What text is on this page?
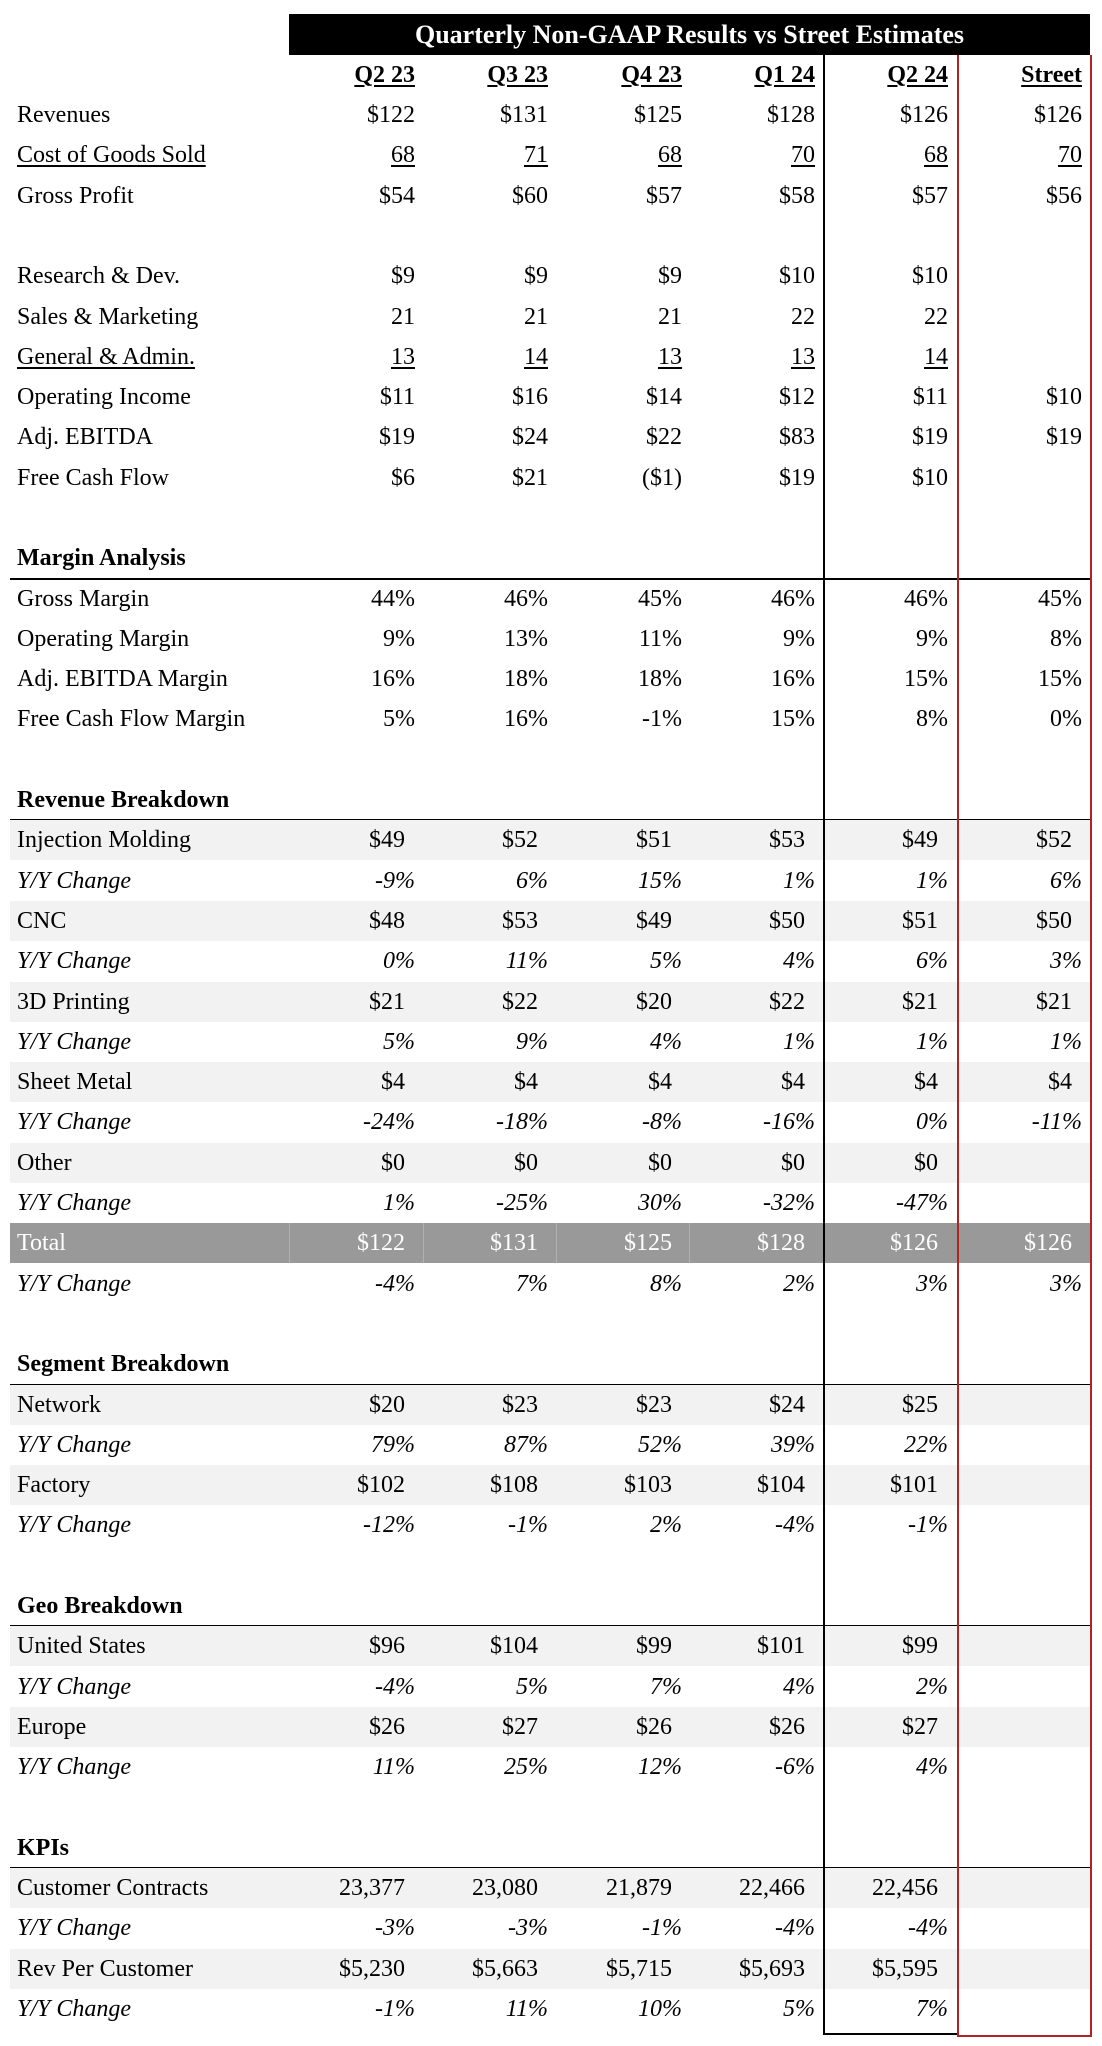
Quarterly Non-GAAP Results vs Street Estimates
Q2 23	Q3 23	Q4 23	Q1 24	Q2 24	Street
Revenues	$122	$131	$125	$128	$126	$126
Cost of Goods Sold	68	71	68	70	68	70
Gross Profit	$54	$60	$57	$58	$57	$56
Research & Dev.	$9	$9	$9	$10	$10
Sales & Marketing	21	21	21	22	22
General & Admin.	13	14	13	13	14
Operating Income	$11	$16	$14	$12	$11	$10
Adj. EBITDA	$19	$24	$22	$83	$19	$19
Free Cash Flow	$6	$21	($1)	$19	$10
Margin Analysis
Gross Margin	44%	46%	45%	46%	46%	45%
Operating Margin	9%	13%	11%	9%	9%	8%
Adj. EBITDA Margin	16%	18%	18%	16%	15%	15%
Free Cash Flow Margin	5%	16%	-1%	15%	8%	0%
Revenue Breakdown
Injection Molding	$49	$52	$51	$53	$49	$52
Y/Y Change	-9%	6%	15%	1%	1%	6%
CNC	$48	$53	$49	$50	$51	$50
Y/Y Change	0%	11%	5%	4%	6%	3%
3D Printing	$21	$22	$20	$22	$21	$21
Y/Y Change	5%	9%	4%	1%	1%	1%
Sheet Metal	$4	$4	$4	$4	$4	$4
Y/Y Change	-24%	-18%	-8%	-16%	0%	-11%
Other	$0	$0	$0	$0	$0
Y/Y Change	1%	-25%	30%	-32%	-47%
Total	$122	$131	$125	$128	$126	$126
Y/Y Change	-4%	7%	8%	2%	3%	3%
Segment Breakdown
Network	$20	$23	$23	$24	$25
Y/Y Change	79%	87%	52%	39%	22%
Factory	$102	$108	$103	$104	$101
Y/Y Change	-12%	-1%	2%	-4%	-1%
Geo Breakdown
United States	$96	$104	$99	$101	$99
Y/Y Change	-4%	5%	7%	4%	2%
Europe	$26	$27	$26	$26	$27
Y/Y Change	11%	25%	12%	-6%	4%
KPIs
Customer Contracts	23,377	23,080	21,879	22,466	22,456
Y/Y Change	-3%	-3%	-1%	-4%	-4%
Rev Per Customer	$5,230	$5,663	$5,715	$5,693	$5,595
Y/Y Change	-1%	11%	10%	5%	7%
